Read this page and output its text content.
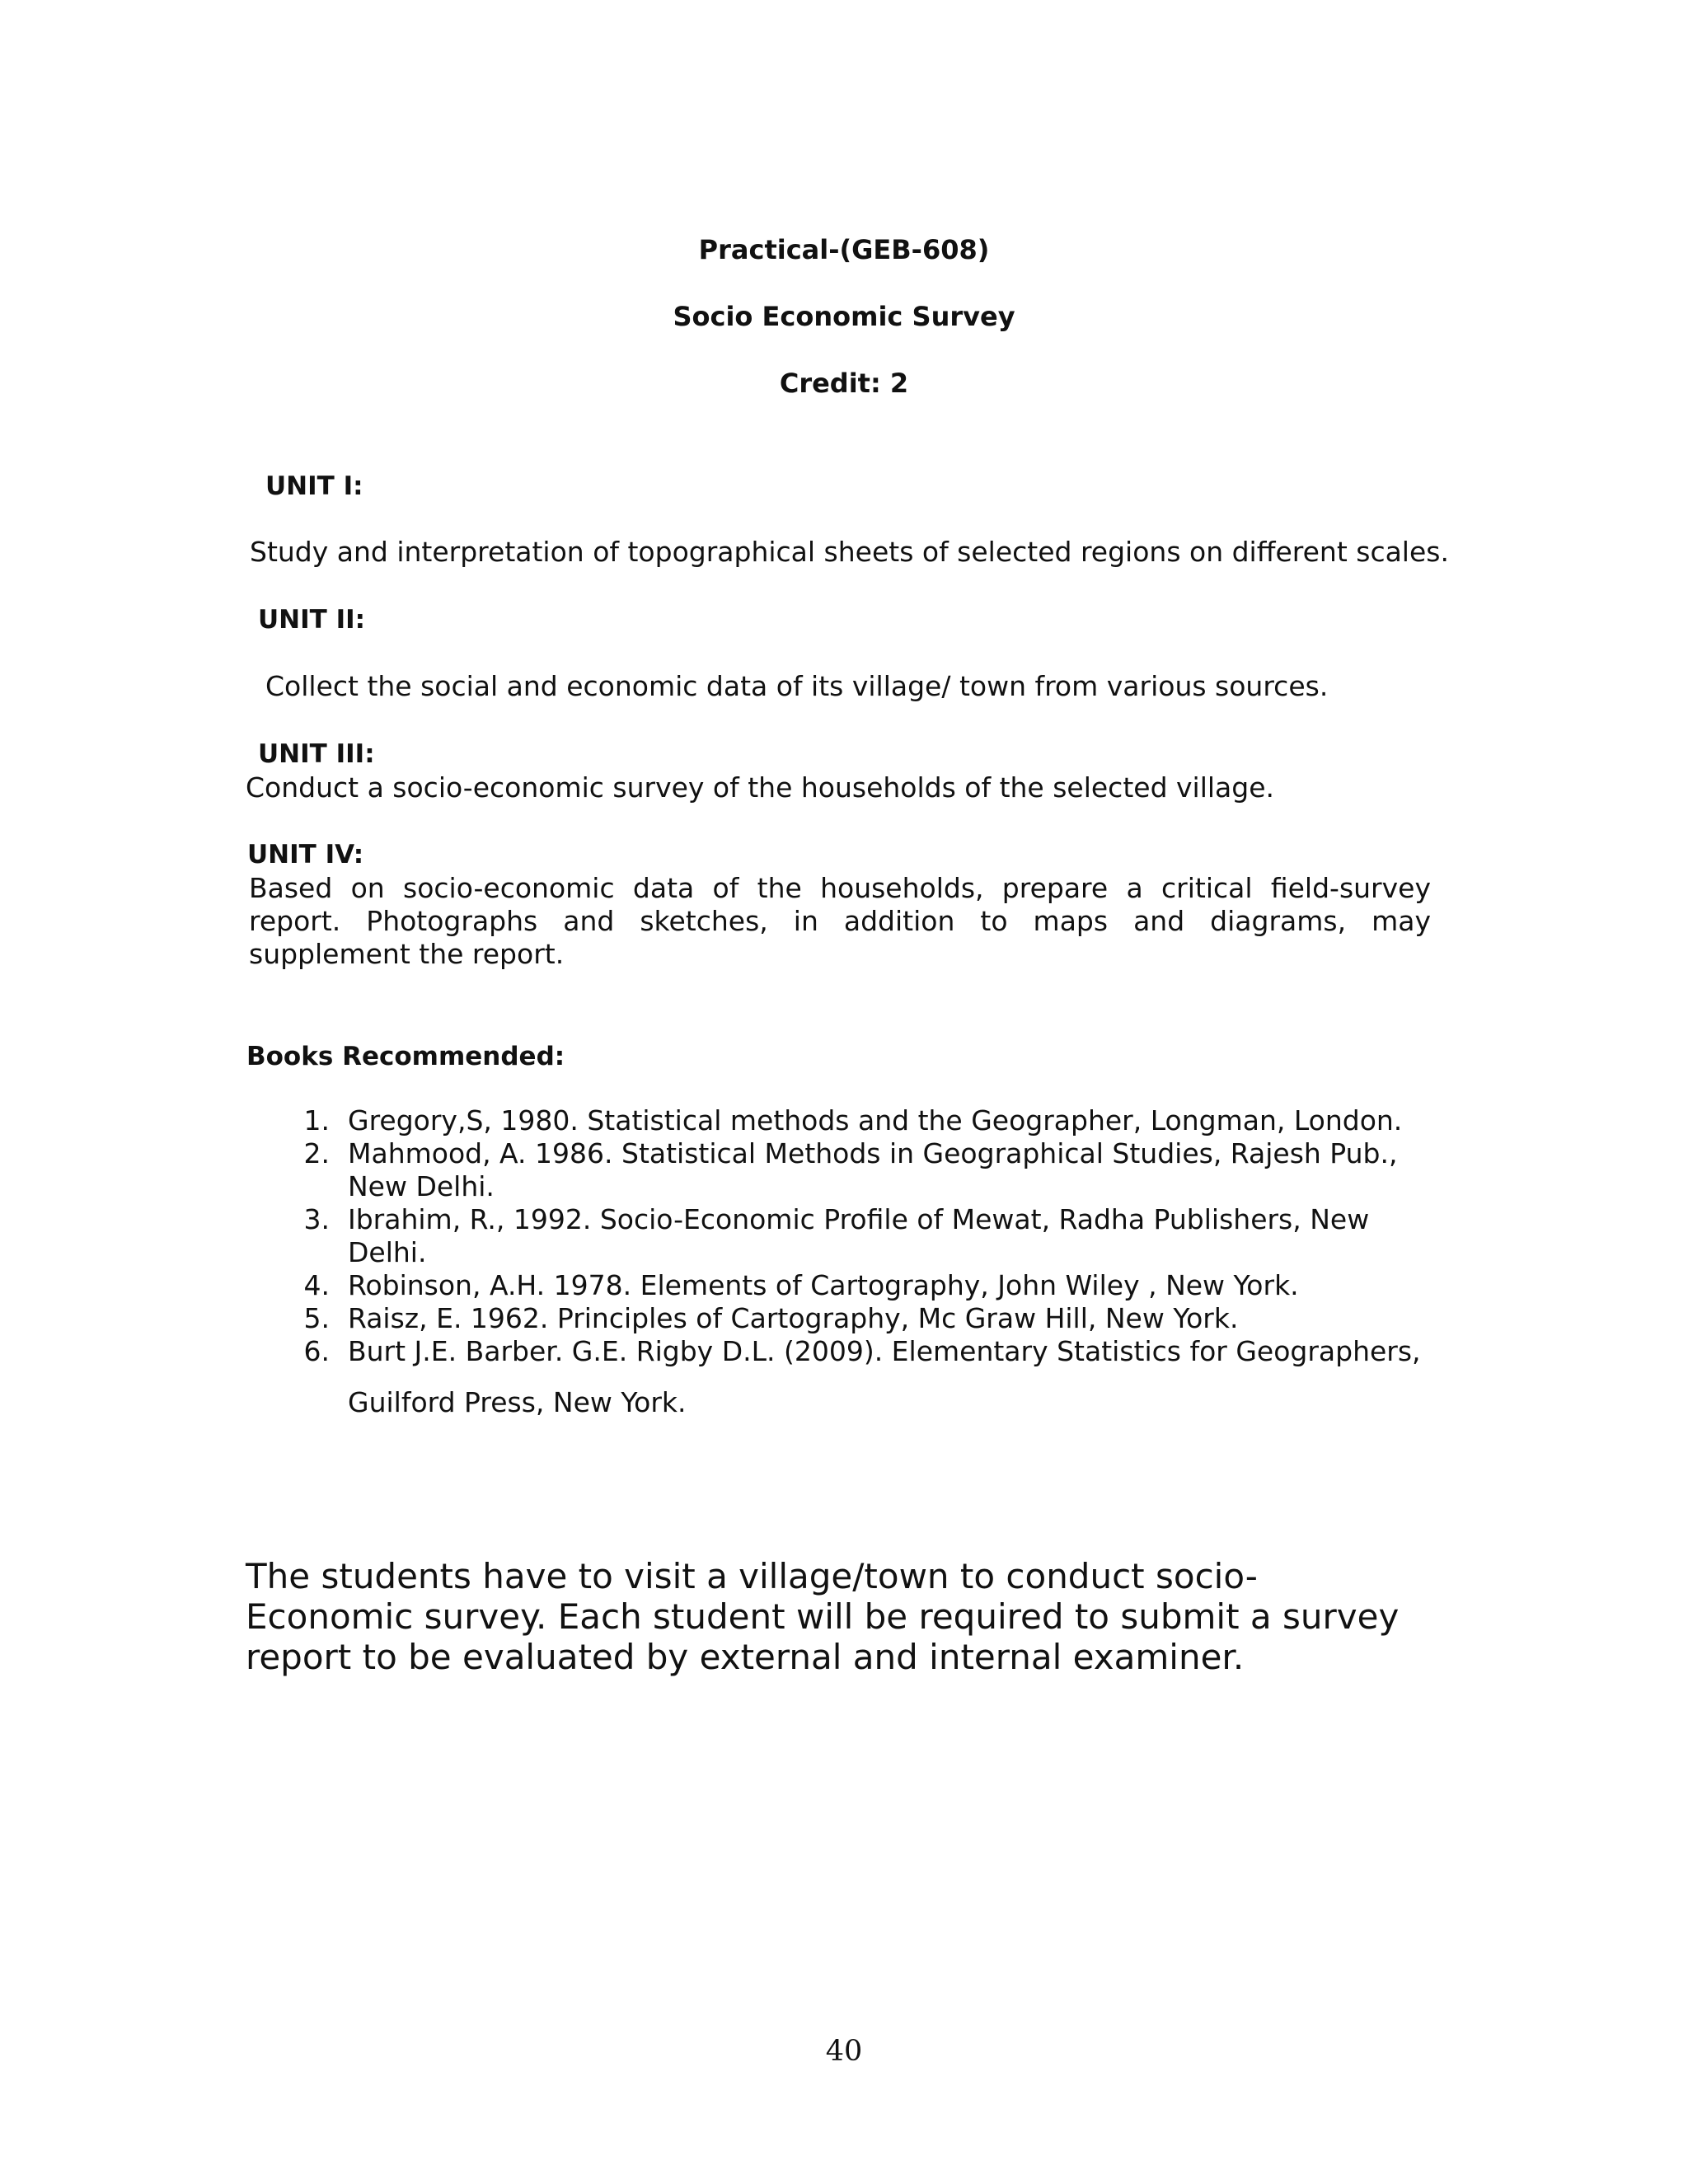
Practical-(GEB-608)
Socio Economic Survey
Credit: 2
UNIT I:
Study and interpretation of topographical sheets of selected regions on different scales.
UNIT II:
Collect the social and economic data of its village/ town from various sources.
UNIT III:
Conduct a socio-economic survey of the households of the selected village.
UNIT IV:
Based on socio-economic data of the households, prepare a critical field-survey report. Photographs and sketches, in addition to maps and diagrams, may supplement the report.
Books Recommended:
1. Gregory,S, 1980. Statistical methods and the Geographer, Longman, London.
2. Mahmood, A. 1986. Statistical Methods in Geographical Studies, Rajesh Pub., New Delhi.
3. Ibrahim, R., 1992. Socio-Economic Profile of Mewat, Radha Publishers, New Delhi.
4. Robinson, A.H. 1978. Elements of Cartography, John Wiley , New York.
5. Raisz, E. 1962. Principles of Cartography, Mc Graw Hill, New York.
6. Burt J.E. Barber. G.E. Rigby D.L. (2009). Elementary Statistics for Geographers,
Guilford Press, New York.
The students have to visit a village/town to conduct socio-Economic survey. Each student will be required to submit a survey report to be evaluated by external and internal examiner.
40
